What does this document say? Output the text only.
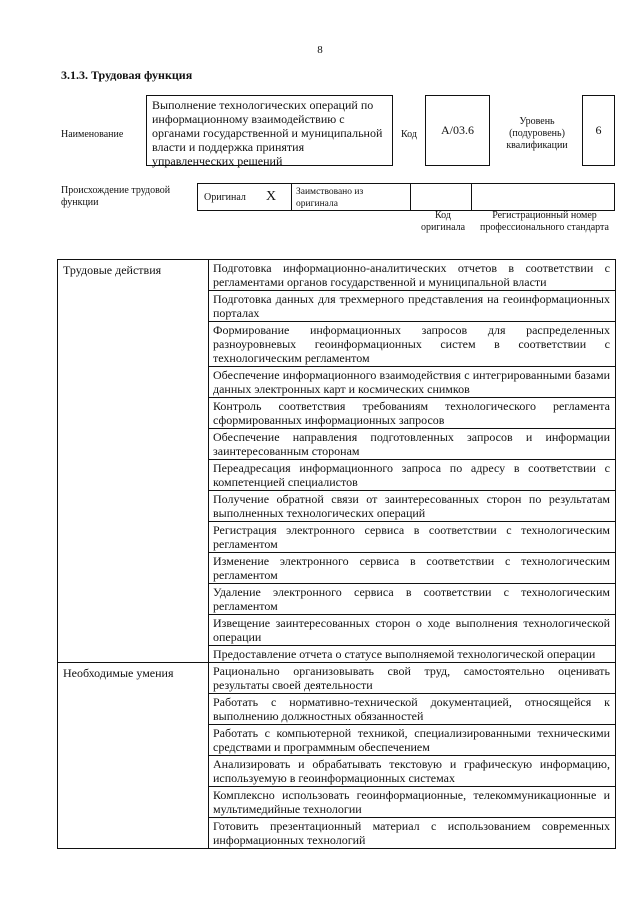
8
3.1.3. Трудовая функция
Наименование
Выполнение технологических операций по информационному взаимодействию с органами государственной и муниципальной власти и поддержка принятия управленческих решений
Код	А/03.6
Уровень (подуровень) квалификации
6
Происхождение трудовой функции	Оригинал X Заимствовано из оригинала
Код оригинала
Регистрационный номер профессионального стандарта
Трудовые действия	Подготовка информационно-аналитических отчетов в соответствии с регламентами органов государственной и муниципальной власти
	Подготовка данных для трехмерного представления на геоинформационных порталах
	Формирование информационных запросов для распределенных разноуровневых геоинформационных систем в соответствии с технологическим регламентом
	Обеспечение информационного взаимодействия с интегрированными базами данных электронных карт и космических снимков
	Контроль соответствия требованиям технологического регламента сформированных информационных запросов
	Обеспечение направления подготовленных запросов и информации заинтересованным сторонам
	Переадресация информационного запроса по адресу в соответствии с компетенцией специалистов
	Получение обратной связи от заинтересованных сторон по результатам выполненных технологических операций
	Регистрация электронного сервиса в соответствии с технологическим регламентом
	Изменение электронного сервиса в соответствии с технологическим регламентом
	Удаление электронного сервиса в соответствии с технологическим регламентом
	Извещение заинтересованных сторон о ходе выполнения технологической операции
	Предоставление отчета о статусе выполняемой технологической операции
Необходимые умения	Рационально организовывать свой труд, самостоятельно оценивать результаты своей деятельности
	Работать с нормативно-технической документацией, относящейся к выполнению должностных обязанностей
	Работать с компьютерной техникой, специализированными техническими средствами и программным обеспечением
	Анализировать и обрабатывать текстовую и графическую информацию, используемую в геоинформационных системах
	Комплексно использовать геоинформационные, телекоммуникационные и мультимедийные технологии
	Готовить презентационный материал с использованием современных информационных технологий
